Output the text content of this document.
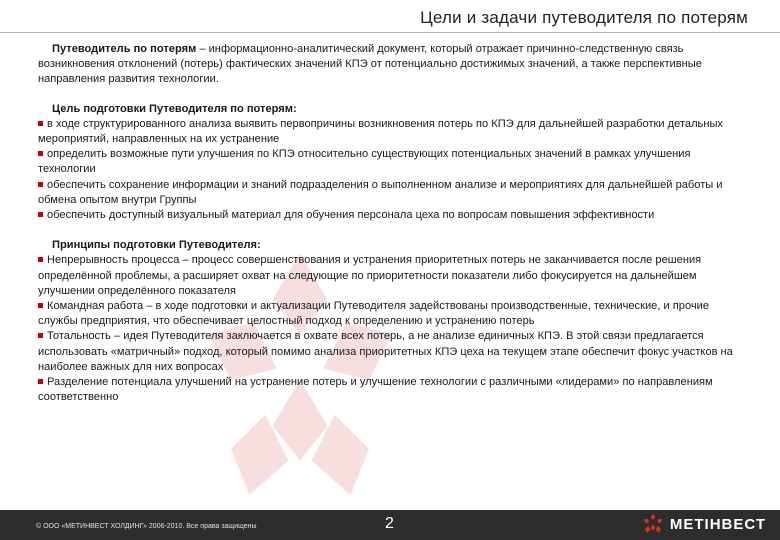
Цели и задачи путеводителя по потерям

Путеводитель по потерям – информационно-аналитический документ, который отражает причинно-следственную связь возникновения отклонений (потерь) фактических значений КПЭ от потенциально достижимых значений, а также перспективные направления развития технологии.

Цель подготовки Путеводителя по потерям:

в ходе структурированного анализа выявить первопричины возникновения потерь по КПЭ для дальнейшей разработки детальных мероприятий, направленных на их устранение

определить возможные пути улучшения по КПЭ относительно существующих потенциальных значений в рамках улучшения технологии

обеспечить сохранение информации и знаний подразделения о выполненном анализе и мероприятиях для дальнейшей работы и обмена опытом внутри Группы

обеспечить доступный визуальный материал для обучения персонала цеха по вопросам повышения эффективности

Принципы подготовки Путеводителя:

Непрерывность процесса – процесс совершенствования и устранения приоритетных потерь не заканчивается после решения определённой проблемы, а расширяет охват на следующие по приоритетности показатели либо фокусируется на дальнейшем улучшении определённого показателя

Командная работа – в ходе подготовки и актуализации Путеводителя задействованы производственные, технические, и прочие службы предприятия, что обеспечивает целостный подход к определению и устранению потерь

Тотальность – идея Путеводителя заключается в охвате всех потерь, а не анализе единичных КПЭ. В этой связи предлагается использовать «матричный» подход, который помимо анализа приоритетных КПЭ цеха на текущем этапе обеспечит фокус участков на наиболее важных для них вопросах

Разделение потенциала улучшений на устранение потерь и улучшение технологии с различными «лидерами» по направлениям соответственно

© ООО «МЕТИНВЕСТ ХОЛДИНГ» 2006-2010. Все права защищены	2	МЕТІНВЕСТ
